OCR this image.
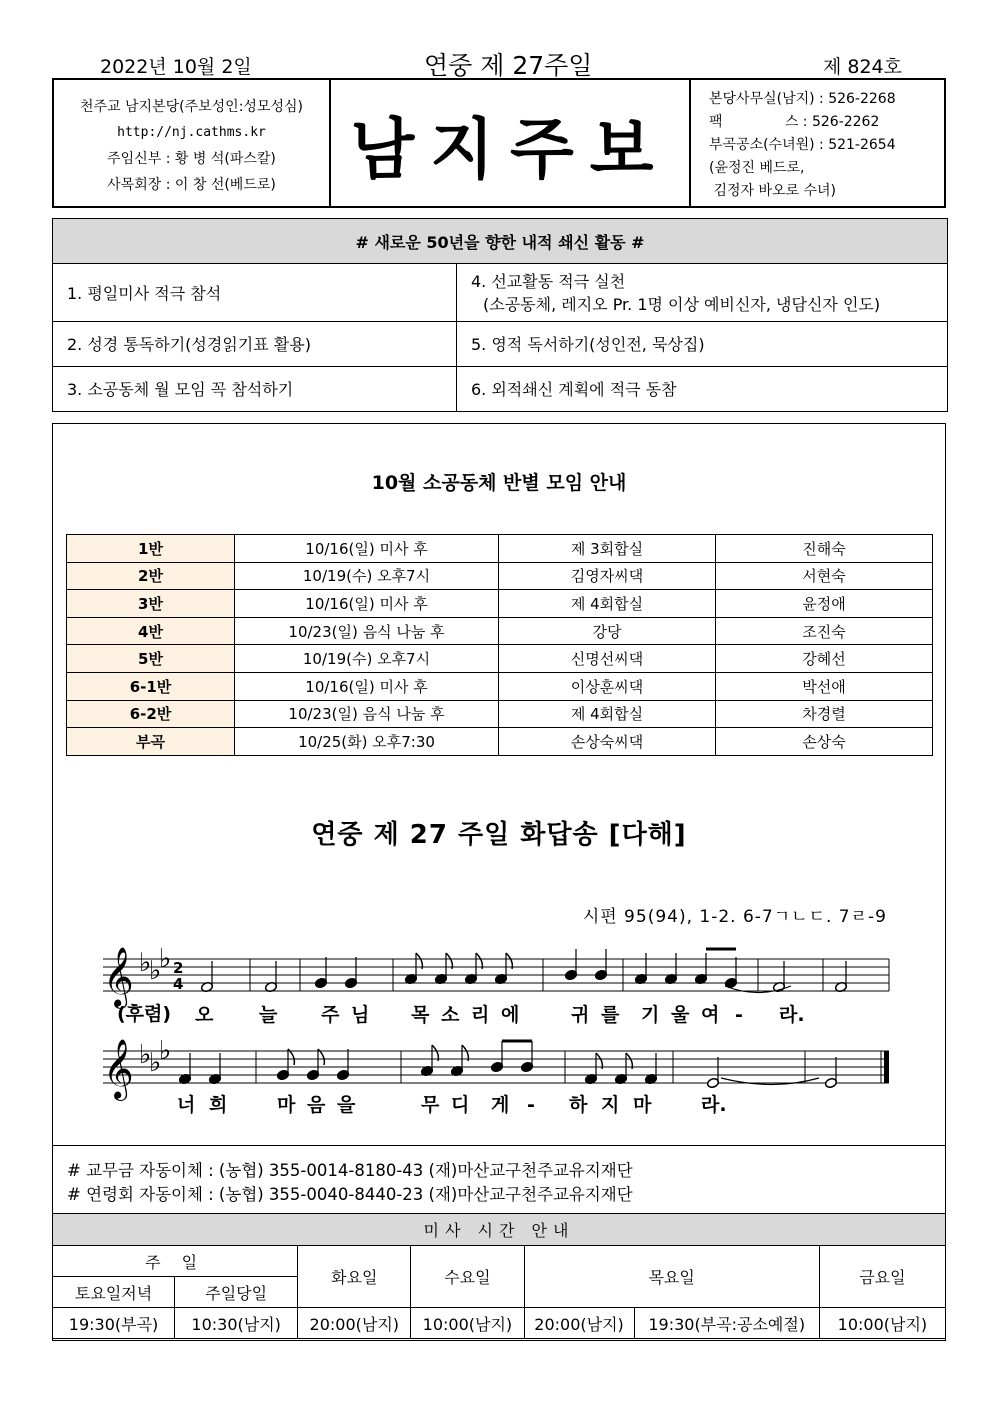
2022년 10월 2일	연중 제 27주일	제 824호
천주교 남지본당(주보성인:성모성심)
http://nj.cathms.kr
주임신부 : 황 병 석(파스칼)
사목회장 : 이 창 선(베드로)	남지주보
본당사무실(남지) : 526-2268
팩              스 : 526-2262
부곡공소(수녀원) : 521-2654
(윤정진 베드로,
김정자 바오로 수녀)
# 새로운 50년을 향한 내적 쇄신 활동 #	
1. 평일미사 적극 참석	4. 선교활동 적극 실천
(소공동체, 레지오 Pr. 1명 이상 예비신자, 냉담신자 인도)

2. 성경 통독하기(성경읽기표 활용)	5. 영적 독서하기(성인전, 묵상집)
3. 소공동체 월 모임 꼭 참석하기	6. 외적쇄신 계획에 적극 동참
10월 소공동체 반별 모임 안내
1반	10/16(일) 미사 후	제 3회합실	진해숙
2반	10/19(수) 오후7시	김영자씨댁	서현숙
3반	10/16(일) 미사 후	제 4회합실	윤정애
4반	10/23(일) 음식 나눔 후	강당	조진숙
5반	10/19(수) 오후7시	신명선씨댁	강혜선
6-1반	10/16(일) 미사 후	이상훈씨댁	박선애
6-2반	10/23(일) 음식 나눔 후	제 4회합실	차경렬
부곡	10/25(화) 오후7:30	손상숙씨댁	손상숙
연중 제 27 주일 화답송 [다해]
시편 95(94), 1-2. 6-7ㄱㄴㄷ. 7ㄹ-9
𝄞 ♭
♭
♭ 2
4
(후렴) 오 늘 주 님 목 소 리 에	귀 를 기 울 여 - 라.
𝄞 ♭
♭
♭
너 희	마 음 을	무 디 게 - 하 지 마	라.
# 교무금 자동이체 : (농협) 355-0014-8180-43 (재)마산교구천주교유지재단
# 연령회 자동이체 : (농협) 355-0040-8440-23 (재)마산교구천주교유지재단
미사 시간 안내						
주 일		화요일	수요일	목요일		금요일
토요일저녁	주일당일					
19:30(부곡)	10:30(남지)	20:00(남지)	10:00(남지)	20:00(남지)	19:30(부곡:공소예절)	10:00(남지)
